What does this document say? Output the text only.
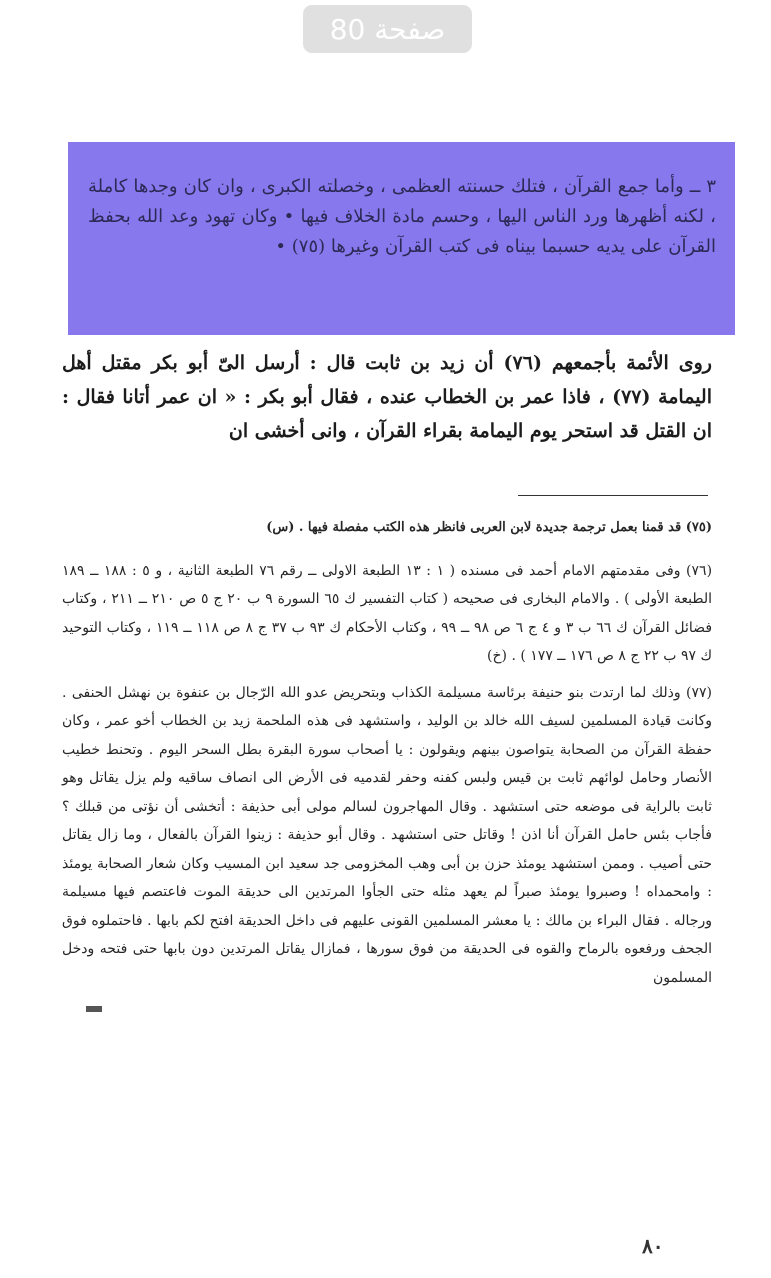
صفحة 80

٣ ــ وأما جمع القرآن ، فتلك حسنته العظمى ، وخصلته الكبرى ، وان كان وجدها كاملة ، لكنه أظهرها ورد الناس اليها ، وحسم مادة الخلاف فيها • وكان تهود وعد الله بحفظ القرآن على يديه حسبما بيناه فى كتب القرآن وغيرها (٧٥) •

روى الأئمة بأجمعهم (٧٦) أن زيد بن ثابت قال : أرسل الىّ أبو بكر مقتل أهل اليمامة (٧٧) ، فاذا عمر بن الخطاب عنده ، فقال أبو بكر : « ان عمر أتانا فقال : ان القتل قد استحر يوم اليمامة بقراء القرآن ، وانى أخشى ان

(٧٥) قد قمنا بعمل ترجمة جديدة لابن العربى فانظر هذه الكتب مفصلة فيها . (س)

(٧٦) وفى مقدمتهم الامام أحمد فى مسنده ( ١ : ١٣ الطبعة الاولى ــ رقم ٧٦ الطبعة الثانية ، و ٥ : ١٨٨ ــ ١٨٩ الطبعة الأولى ) . والامام البخارى فى صحيحه ( كتاب التفسير ك ٦٥ السورة ٩ ب ٢٠ ج ٥ ص ٢١٠ ــ ٢١١ ، وكتاب فضائل القرآن ك ٦٦ ب ٣ و ٤ ج ٦ ص ٩٨ ــ ٩٩ ، وكتاب الأحكام ك ٩٣ ب ٣٧ ج ٨ ص ١١٨ ــ ١١٩ ، وكتاب التوحيد ك ٩٧ ب ٢٢ ج ٨ ص ١٧٦ ــ ١٧٧ ) . (خ)

(٧٧) وذلك لما ارتدت بنو حنيفة برئاسة مسيلمة الكذاب وبتحريض عدو الله الرّجال بن عنفوة بن نهشل الحنفى . وكانت قيادة المسلمين لسيف الله خالد بن الوليد ، واستشهد فى هذه الملحمة زيد بن الخطاب أخو عمر ، وكان حفظة القرآن من الصحابة يتواصون بينهم ويقولون : يا أصحاب سورة البقرة بطل السحر اليوم . وتحنط خطيب الأنصار وحامل لوائهم ثابت بن قيس ولبس كفنه وحفر لقدميه فى الأرض الى انصاف ساقيه ولم يزل يقاتل وهو ثابت بالراية فى موضعه حتى استشهد . وقال المهاجرون لسالم مولى أبى حذيفة : أتخشى أن نؤتى من قبلك ؟ فأجاب بئس حامل القرآن أنا اذن ! وقاتل حتى استشهد . وقال أبو حذيفة : زينوا القرآن بالفعال ، وما زال يقاتل حتى أصيب . وممن استشهد يومئذ حزن بن أبى وهب المخزومى جد سعيد ابن المسيب وكان شعار الصحابة يومئذ : وامحمداه ! وصبروا يومئذ صبراً لم يعهد مثله حتى الجأوا المرتدين الى حديقة الموت فاعتصم فيها مسيلمة ورجاله . فقال البراء بن مالك : يا معشر المسلمين القونى عليهم فى داخل الحديقة افتح لكم بابها . فاحتملوه فوق الجحف ورفعوه بالرماح والقوه فى الحديقة من فوق سورها ، فمازال يقاتل المرتدين دون بابها حتى فتحه ودخل المسلمون

٨٠
